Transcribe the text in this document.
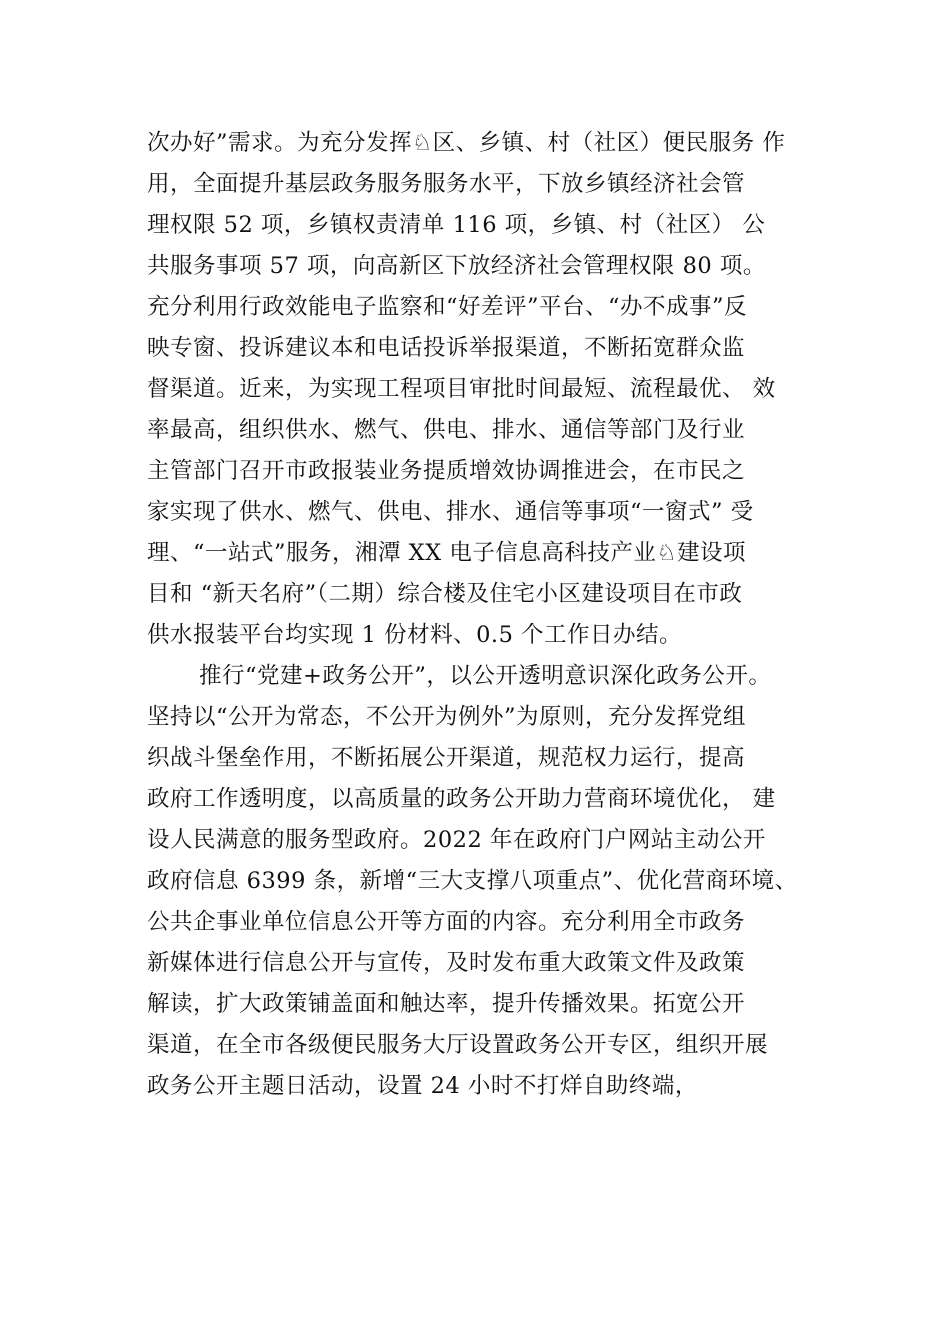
次办好”需求。为充分发挥♘区、乡镇、村（社区）便民服务 作
用，全面提升基层政务服务服务水平，下放乡镇经济社会管
理权限 52 项，乡镇权责清单 116 项，乡镇、村（社区） 公
共服务事项 57 项，向高新区下放经济社会管理权限 80 项。
充分利用行政效能电子监察和“好差评”平台、“办不成事”反
映专窗、投诉建议本和电话投诉举报渠道，不断拓宽群众监
督渠道。近来，为实现工程项目审批时间最短、流程最优、 效
率最高，组织供水、燃气、供电、排水、通信等部门及行业
主管部门召开市政报装业务提质增效协调推进会，在市民之
家实现了供水、燃气、供电、排水、通信等事项“一窗式” 受
理、“一站式”服务，湘潭 XX 电子信息高科技产业♘建设项
目和 “新天名府”（二期）综合楼及住宅小区建设项目在市政
供水报装平台均实现 1 份材料、0.5 个工作日办结。
推行“党建+政务公开”，以公开透明意识深化政务公开。
坚持以“公开为常态，不公开为例外”为原则，充分发挥党组
织战斗堡垒作用，不断拓展公开渠道，规范权力运行，提高
政府工作透明度，以高质量的政务公开助力营商环境优化， 建
设人民满意的服务型政府。2022 年在政府门户网站主动公开
政府信息 6399 条，新增“三大支撑八项重点”、优化营商环境、
公共企事业单位信息公开等方面的内容。充分利用全市政务
新媒体进行信息公开与宣传，及时发布重大政策文件及政策
解读，扩大政策铺盖面和触达率，提升传播效果。拓宽公开
渠道，在全市各级便民服务大厅设置政务公开专区，组织开展
政务公开主题日活动，设置 24 小时不打烊自助终端，
